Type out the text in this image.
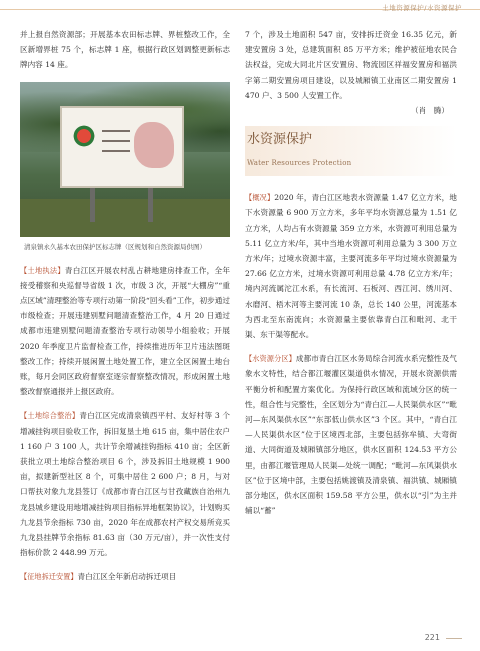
土地资源保护/水资源保护

并上报自然资源部；开展基本农田标志牌、界桩整改工作，全区新增界桩 75 个，标志牌 1 座，根据行政区划调整更新标志牌内容 14 座。

清泉镇永久基本农田保护区标志牌（区规划和自然资源局供图）

【土地执法】青白江区开展农村乱占耕地建房排查工作，全年接受稽察和央巡督导省级 1 次，市级 3 次，开展“大棚房”“重点区域”清理整治等专项行动第一阶段“回头看”工作，初步通过市级检查；开展违建别墅问题清查整治工作，4 月 20 日通过成都市违建别墅问题清查整治专项行动领导小组验收；开展 2020 年季度卫片监督检查工作，持续推进历年卫片违法图斑整改工作；持续开展闲置土地处置工作，建立全区闲置土地台账，每月会同区政府督察室逐宗督察整改情况，形成闲置土地整改督察通报并上报区政府。

【土地综合整治】青白江区完成清泉镇西平村、友好村等 3 个增减挂钩项目验收工作，拆旧复垦土地 615 亩，集中居住农户 1 160 户 3 100 人，共计节余增减挂钩指标 410 亩；全区新获批立项土地综合整治项目 6 个，涉及拆旧土地规模 1 900 亩，拟建新型社区 8 个，可集中居住 2 600 户；8 月，与对口帮扶对象九龙县签订《成都市青白江区与甘孜藏族自治州九龙县城乡建设用地增减挂钩项目指标异地框架协议》，计划购买九龙县节余指标 730 亩，2020 年在成都农村产权交易所竞买九龙县挂牌节余指标 81.63 亩（30 万元/亩），并一次性支付指标价款 2 448.99 万元。

【征地拆迁安置】青白江区全年新启动拆迁项目

7 个，涉及土地面积 547 亩，安排拆迁资金 16.35 亿元，新建安置房 3 处，总建筑面积 85 万平方米；维护被征地农民合法权益，完成大同北片区安置房、物流园区祥福安置房和福洪字第二期安置房项目建设，以及城厢镇工业南区二期安置房 1 470 户、3 500 人安置工作。

（肖　腾）

水资源保护
Water Resources Protection

【概况】2020 年，青白江区地表水资源量 1.47 亿立方米，地下水资源量 6 900 万立方米，多年平均水资源总量为 1.51 亿立方米，人均占有水资源量 359 立方米，水资源可利用总量为 5.11 亿立方米/年，其中当地水资源可利用总量为 3 300 万立方米/年；过境水资源丰富，主要河流多年平均过境水资源量为 27.66 亿立方米，过境水资源可利用总量 4.78 亿立方米/年；境内河流属沱江水系，有长流河、石板河、西江河、绣川河、水磨河、梧木河等主要河流 10 条，总长 140 公里，河流基本为西北至东南流向；水资源量主要依靠青白江和毗河、北干渠、东干渠等配水。

【水资源分区】成都市青白江区水务局综合河流水系完整性及气象水文特性，结合都江堰灌区渠道供水情况，开展水资源供需平衡分析和配置方案优化。为保持行政区域和流域分区的统一性，组合性与完整性，全区划分为“青白江—人民渠供水区”“毗河—东风渠供水区”“东部低山供水区”3 个区。其中，“青白江—人民渠供水区”位于区境西北部，主要包括弥牟镇、大弯街道、大同街道及城厢镇部分地区，供水区面积 124.53 平方公里，由都江堰管理局人民渠—处统一调配；“毗河—东风渠供水区”位于区境中部，主要包括姚渡镇及清泉镇、福洪镇、城厢镇部分地区，供水区面积 159.58 平方公里，供水以“引”为主并辅以“蓄”

221
